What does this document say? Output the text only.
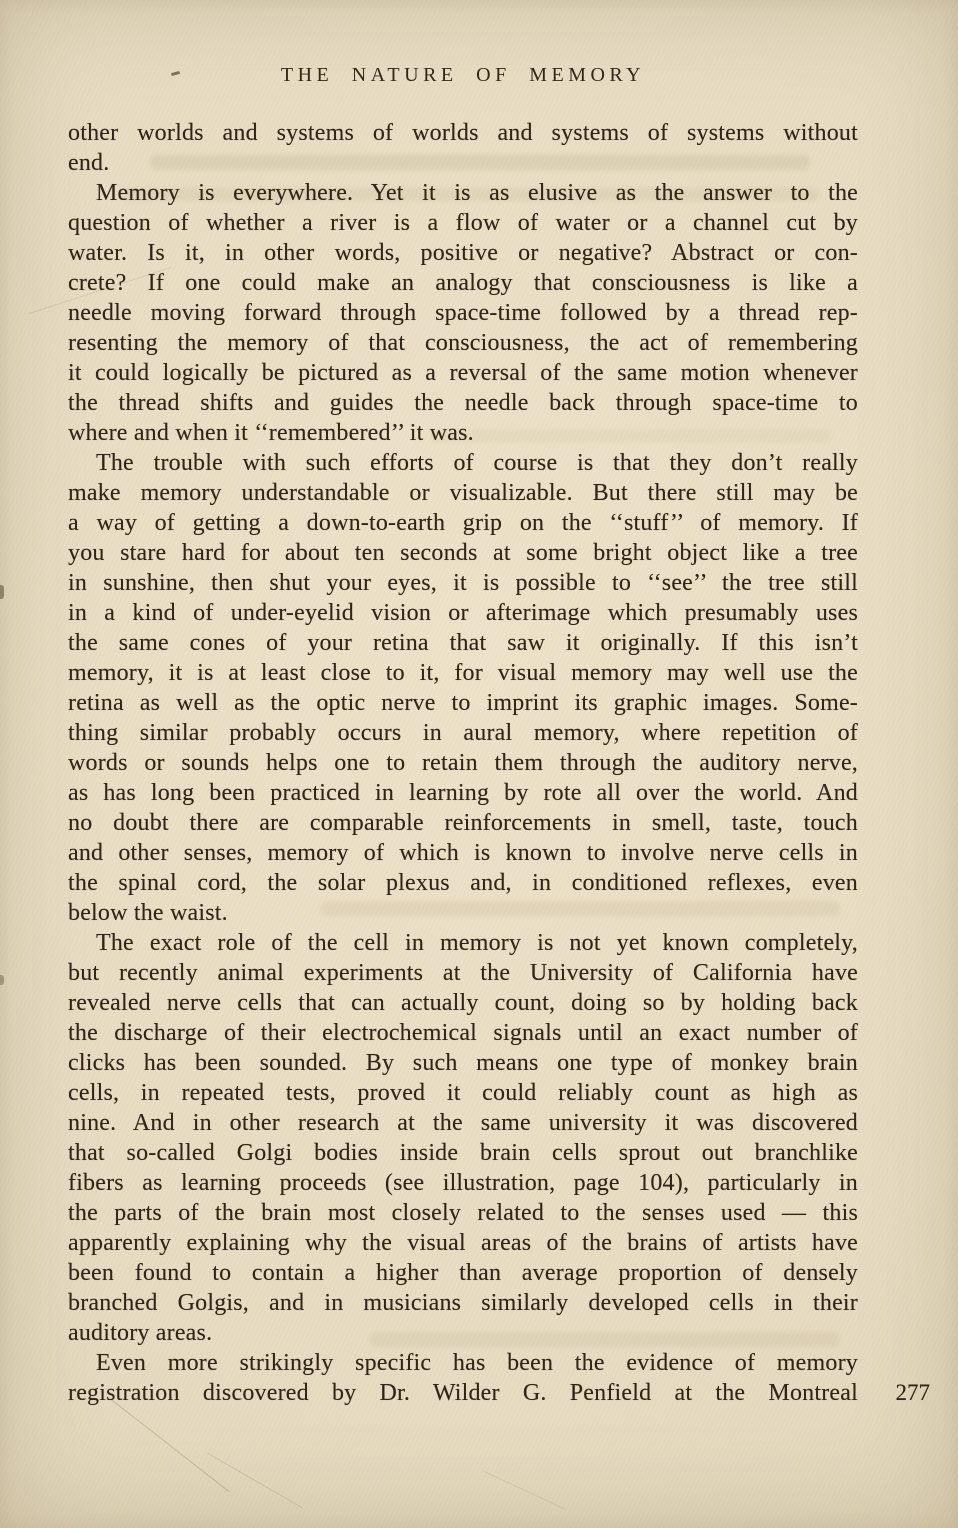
THE NATURE OF MEMORY
other worlds and systems of worlds and systems of systems without
end.
Memory is everywhere. Yet it is as elusive as the answer to the
question of whether a river is a flow of water or a channel cut by
water. Is it, in other words, positive or negative? Abstract or con-
crete? If one could make an analogy that consciousness is like a
needle moving forward through space-time followed by a thread rep-
resenting the memory of that consciousness, the act of remembering
it could logically be pictured as a reversal of the same motion whenever
the thread shifts and guides the needle back through space-time to
where and when it ‘‘remembered’’ it was.
The trouble with such efforts of course is that they don’t really
make memory understandable or visualizable. But there still may be
a way of getting a down-to-earth grip on the ‘‘stuff’’ of memory. If
you stare hard for about ten seconds at some bright object like a tree
in sunshine, then shut your eyes, it is possible to ‘‘see’’ the tree still
in a kind of under-eyelid vision or afterimage which presumably uses
the same cones of your retina that saw it originally. If this isn’t
memory, it is at least close to it, for visual memory may well use the
retina as well as the optic nerve to imprint its graphic images. Some-
thing similar probably occurs in aural memory, where repetition of
words or sounds helps one to retain them through the auditory nerve,
as has long been practiced in learning by rote all over the world. And
no doubt there are comparable reinforcements in smell, taste, touch
and other senses, memory of which is known to involve nerve cells in
the spinal cord, the solar plexus and, in conditioned reflexes, even
below the waist.
The exact role of the cell in memory is not yet known completely,
but recently animal experiments at the University of California have
revealed nerve cells that can actually count, doing so by holding back
the discharge of their electrochemical signals until an exact number of
clicks has been sounded. By such means one type of monkey brain
cells, in repeated tests, proved it could reliably count as high as
nine. And in other research at the same university it was discovered
that so-called Golgi bodies inside brain cells sprout out branchlike
fibers as learning proceeds (see illustration, page 104), particularly in
the parts of the brain most closely related to the senses used — this
apparently explaining why the visual areas of the brains of artists have
been found to contain a higher than average proportion of densely
branched Golgis, and in musicians similarly developed cells in their
auditory areas.
Even more strikingly specific has been the evidence of memory
registration discovered by Dr. Wilder G. Penfield at the Montreal 277
